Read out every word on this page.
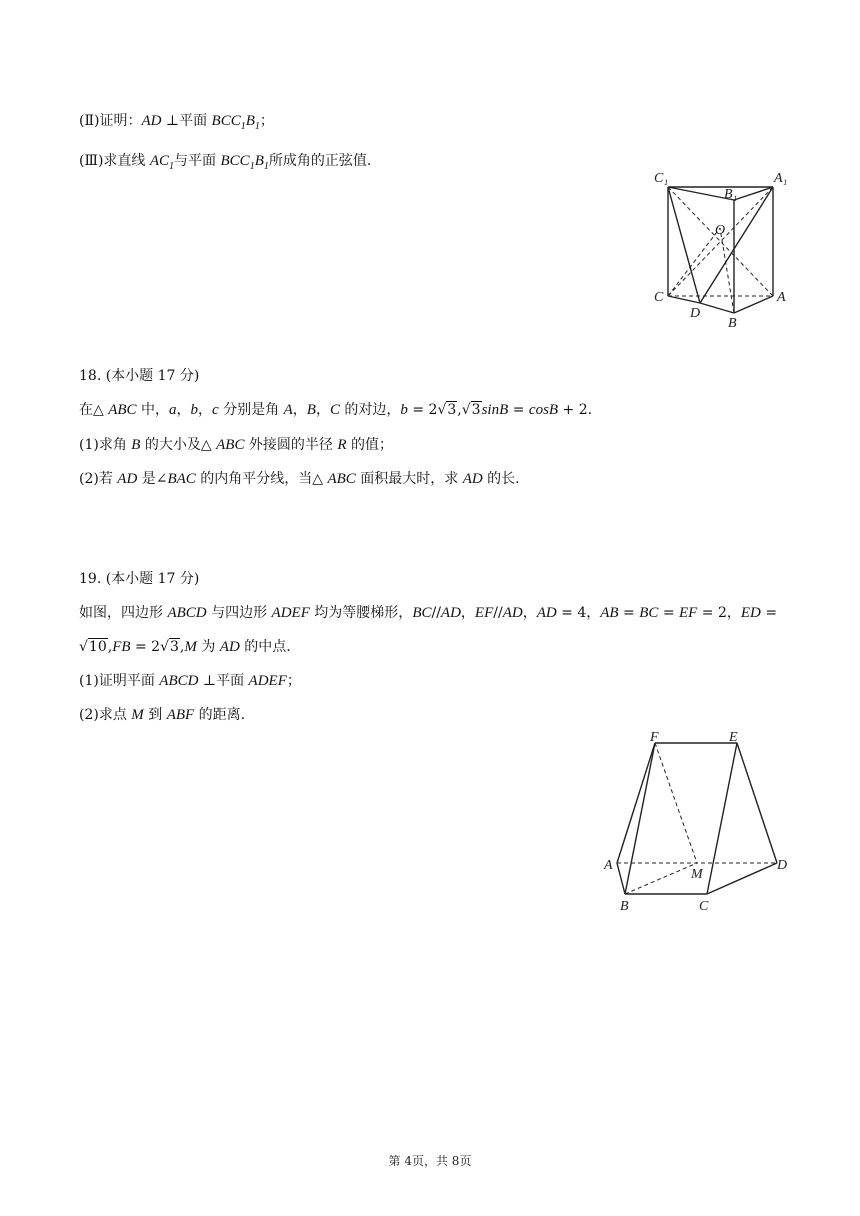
(Ⅱ)证明：AD ⊥平面 $BCC_1B_1$；
(Ⅲ)求直线 $AC_1$与平面 $BCC_1B_1$所成角的正弦值.
C₁
B₁
A₁
O
C	A
D
B
18. (本小题 17 分)
在△ ABC 中，a，b，c 分别是角 A，B，C 的对边，b = 2√3,√3sinB = cosB + 2.
(1)求角 B 的大小及△ ABC 外接圆的半径 R 的值；
(2)若 AD 是∠BAC 的内角平分线，当△ ABC 面积最大时，求 AD 的长.
19. (本小题 17 分)
如图，四边形 ABCD 与四边形 ADEF 均为等腰梯形，BC//AD，EF//AD，AD = 4，AB = BC = EF = 2，ED =
√10,FB = 2√3,M 为 AD 的中点.
(1)证明平面 ABCD ⊥平面 ADEF；
(2)求点 M 到 ABF 的距离.
F	E
A
M
D
B	C
第 4页，共 8页
